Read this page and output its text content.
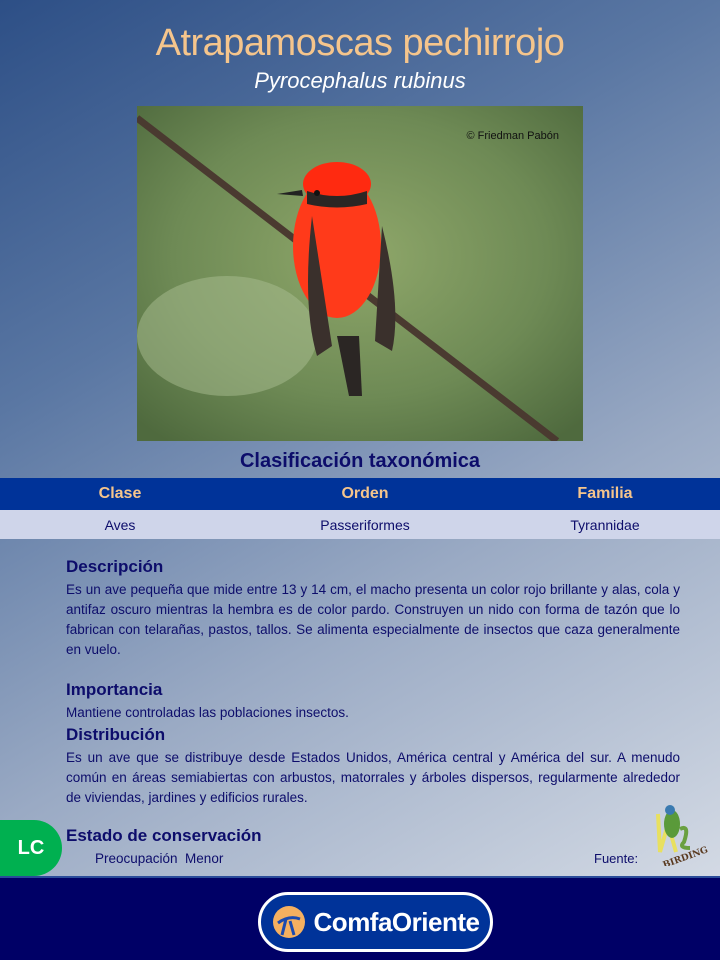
Atrapamoscas pechirrojo
Pyrocephalus rubinus
© Friedman Pabón
Clasificación taxonómica
Clase	Orden	Familia
Aves	Passeriformes	Tyrannidae
Descripción

Es un ave pequeña que mide entre 13 y 14 cm, el macho presenta un color rojo brillante y alas, cola y antifaz oscuro mientras la hembra es de color pardo. Construyen un nido con forma de tazón que lo fabrican con telarañas, pastos, tallos. Se alimenta especialmente de insectos que caza generalmente en vuelo.

Importancia

Mantiene controladas las poblaciones insectos.

Distribución

Es un ave que se distribuye desde Estados Unidos, América central y América del sur. A menudo común en áreas semiabiertas con arbustos, matorrales y árboles dispersos, regularmente alrededor de viviendas, jardines y edificios rurales.

LC
Estado de conservación

Preocupación  Menor	Fuente:	BIRDING
ComfaOriente
